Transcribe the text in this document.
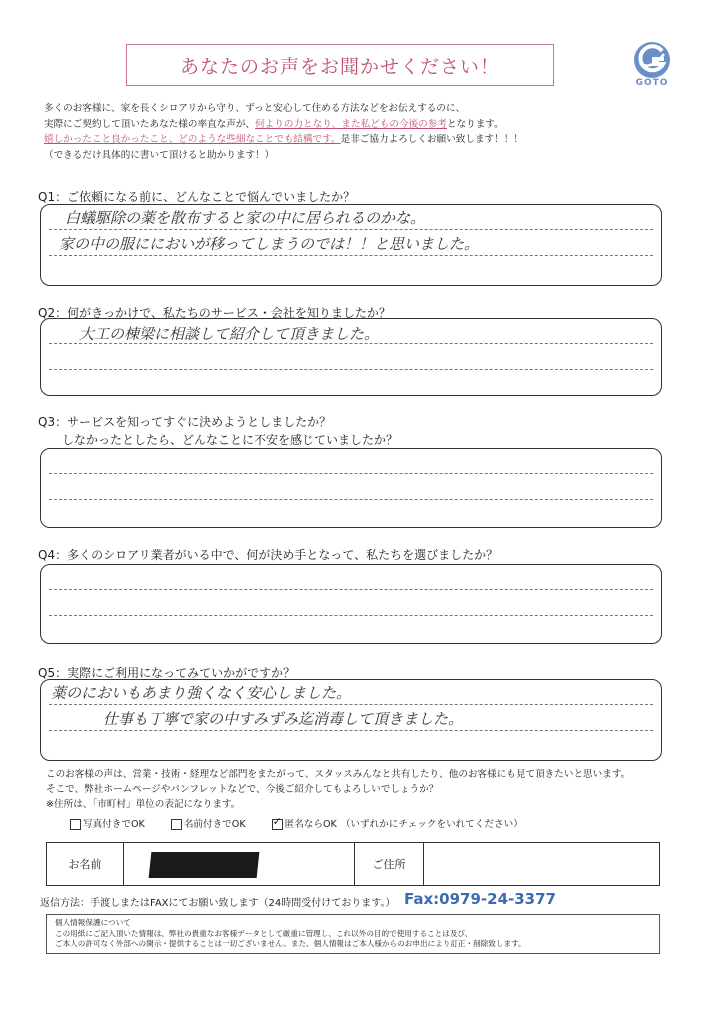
あなたのお声をお聞かせください！
GOTO
多くのお客様に、家を長くシロアリから守り、ずっと安心して住める方法などをお伝えするのに、
実際にご契約して頂いたあなた様の率直な声が、何よりの力となり、また私どもの今後の参考となります。
嬉しかったこと良かったこと、どのような些細なことでも結構です。是非ご協力よろしくお願い致します！！！
（できるだけ具体的に書いて頂けると助かります！）
Q1：ご依頼になる前に、どんなことで悩んでいましたか？
白蟻駆除の薬を散布すると家の中に居られるのかな。
家の中の服ににおいが移ってしまうのでは！！と思いました。
Q2：何がきっかけで、私たちのサービス・会社を知りましたか？
大工の棟梁に相談して紹介して頂きました。
Q3：サービスを知ってすぐに決めようとしましたか？
しなかったとしたら、どんなことに不安を感じていましたか？
Q4：多くのシロアリ業者がいる中で、何が決め手となって、私たちを選びましたか？
Q5：実際にご利用になってみていかがですか？
薬のにおいもあまり強くなく安心しました。
仕事も丁寧で家の中すみずみ迄消毒して頂きました。
このお客様の声は、営業・技術・経理など部門をまたがって、スタッスみんなと共有したり、他のお客様にも見て頂きたいと思います。
そこで、弊社ホームページやパンフレットなどで、今後ご紹介してもよろしいでしょうか？
※住所は、「市町村」単位の表記になります。
写真付きでOK	名前付きでOK
✓	匿名ならOK （いずれかにチェックをいれてください）
お名前	ご住所
返信方法：手渡しまたはFAXにてお願い致します（24時間受付けております。） Fax:0979-24-3377
個人情報保護について
この用紙にご記入頂いた情報は、弊社の貴重なお客様データとして厳重に管理し、これ以外の目的で使用することは及び、
ご本人の許可なく外部への開示・提供することは一切ございません。また、個人情報はご本人様からのお申出により訂正・削除致します。
